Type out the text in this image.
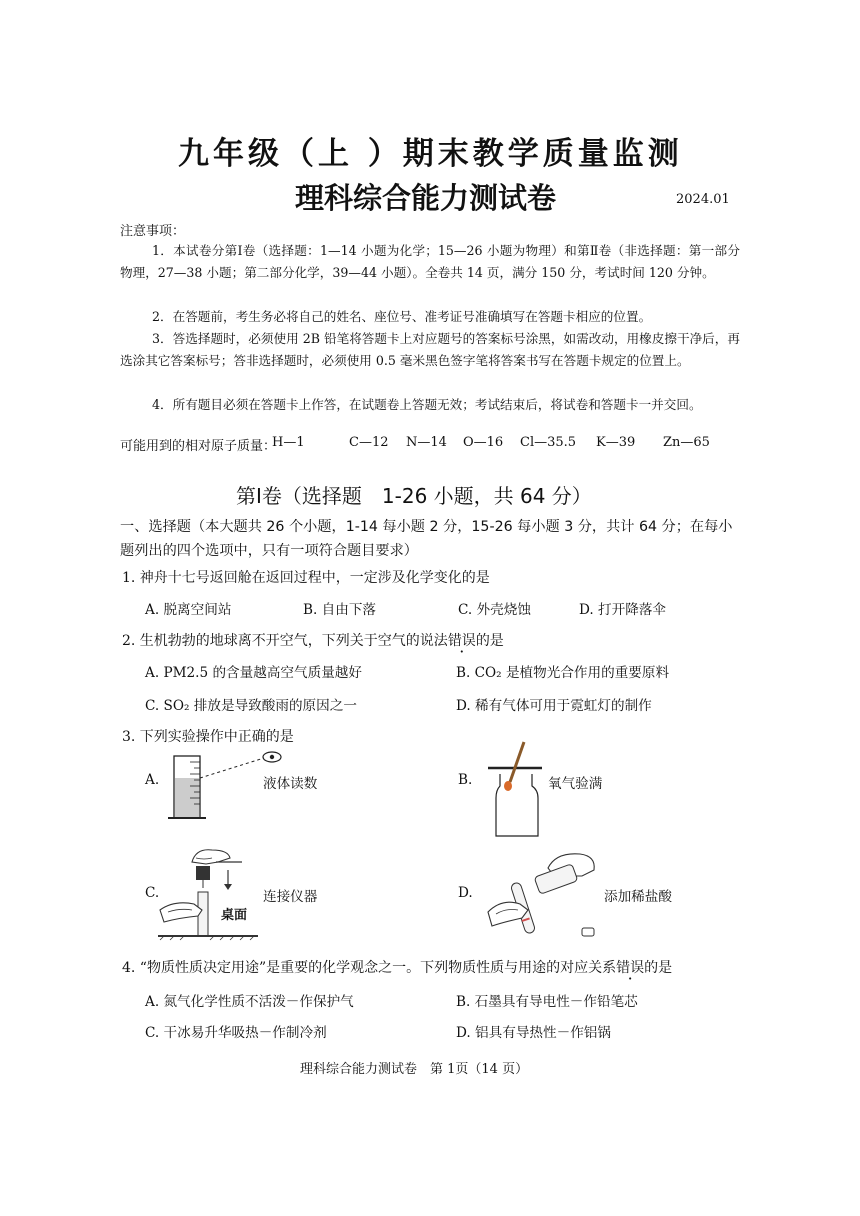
九年级（上 ）期末教学质量监测
理科综合能力测试卷	2024.01
注意事项：
1．本试卷分第Ⅰ卷（选择题：1—14 小题为化学；15—26 小题为物理）和第Ⅱ卷（非选择题：第一部分物理，27—38 小题；第二部分化学，39—44 小题）。全卷共 14 页，满分 150 分，考试时间 120 分钟。
2．在答题前，考生务必将自己的姓名、座位号、准考证号准确填写在答题卡相应的位置。
3．答选择题时，必须使用 2B 铅笔将答题卡上对应题号的答案标号涂黑，如需改动，用橡皮擦干净后，再选涂其它答案标号；答非选择题时，必须使用 0.5 毫米黑色签字笔将答案书写在答题卡规定的位置上。
4．所有题目必须在答题卡上作答，在试题卷上答题无效；考试结束后，将试卷和答题卡一并交回。
可能用到的相对原子质量：
H—1	C—12 N—14 O—16 Cl—35.5 K—39 Zn—65
第Ⅰ卷（选择题　1-26 小题，共 64 分）
一、选择题（本大题共 26 个小题，1-14 每小题 2 分，15-26 每小题 3 分，共计 64 分；在每小题列出的四个选项中，只有一项符合题目要求）
1. 神舟十七号返回舱在返回过程中，一定涉及化学变化的是
A. 脱离空间站	B. 自由下落	C. 外壳烧蚀	D. 打开降落伞
2. 生机勃勃的地球离不开空气，下列关于空气的说法错误的是
A. PM2.5 的含量越高空气质量越好	B. CO₂ 是植物光合作用的重要原料
C. SO₂ 排放是导致酸雨的原因之一	D. 稀有气体可用于霓虹灯的制作
3. 下列实验操作中正确的是
A.	液体读数	B.	氧气验满
C.
桌面
连接仪器	D.	添加稀盐酸
4. “物质性质决定用途”是重要的化学观念之一。下列物质性质与用途的对应关系错误的是
A. 氮气化学性质不活泼－作保护气	B. 石墨具有导电性－作铅笔芯
C. 干冰易升华吸热－作制冷剂	D. 铝具有导热性－作铝锅
理科综合能力测试卷　第 1页（14 页）
